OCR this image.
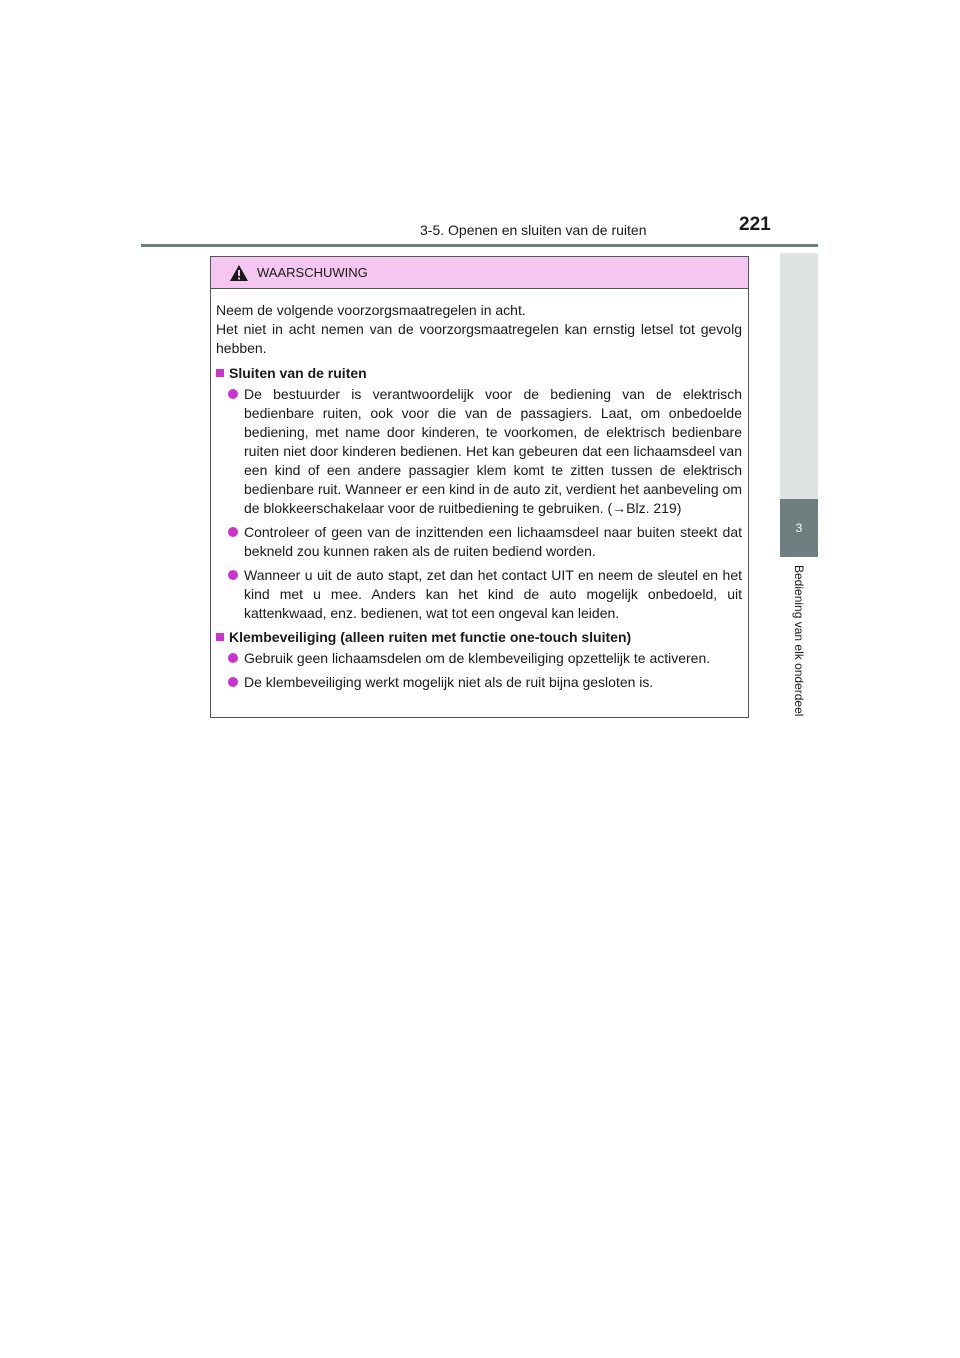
3-5. Openen en sluiten van de ruiten	221
3
Bediening van elk onderdeel
WAARSCHUWING

Neem de volgende voorzorgsmaatregelen in acht.
Het niet in acht nemen van de voorzorgsmaatregelen kan ernstig letsel tot gevolg hebben.

Sluiten van de ruiten
De bestuurder is verantwoordelijk voor de bediening van de elektrisch bedienbare ruiten, ook voor die van de passagiers. Laat, om onbedoelde bediening, met name door kinderen, te voorkomen, de elektrisch bedienbare ruiten niet door kinderen bedienen. Het kan gebeuren dat een lichaamsdeel van een kind of een andere passagier klem komt te zitten tussen de elektrisch bedienbare ruit. Wanneer er een kind in de auto zit, verdient het aanbeveling om de blokkeerschakelaar voor de ruitbediening te gebruiken. (→Blz. 219)
Controleer of geen van de inzittenden een lichaamsdeel naar buiten steekt dat bekneld zou kunnen raken als de ruiten bediend worden.
Wanneer u uit de auto stapt, zet dan het contact UIT en neem de sleutel en het kind met u mee. Anders kan het kind de auto mogelijk onbedoeld, uit kattenkwaad, enz. bedienen, wat tot een ongeval kan leiden.
Klembeveiliging (alleen ruiten met functie one-touch sluiten)
Gebruik geen lichaamsdelen om de klembeveiliging opzettelijk te activeren.
De klembeveiliging werkt mogelijk niet als de ruit bijna gesloten is.
